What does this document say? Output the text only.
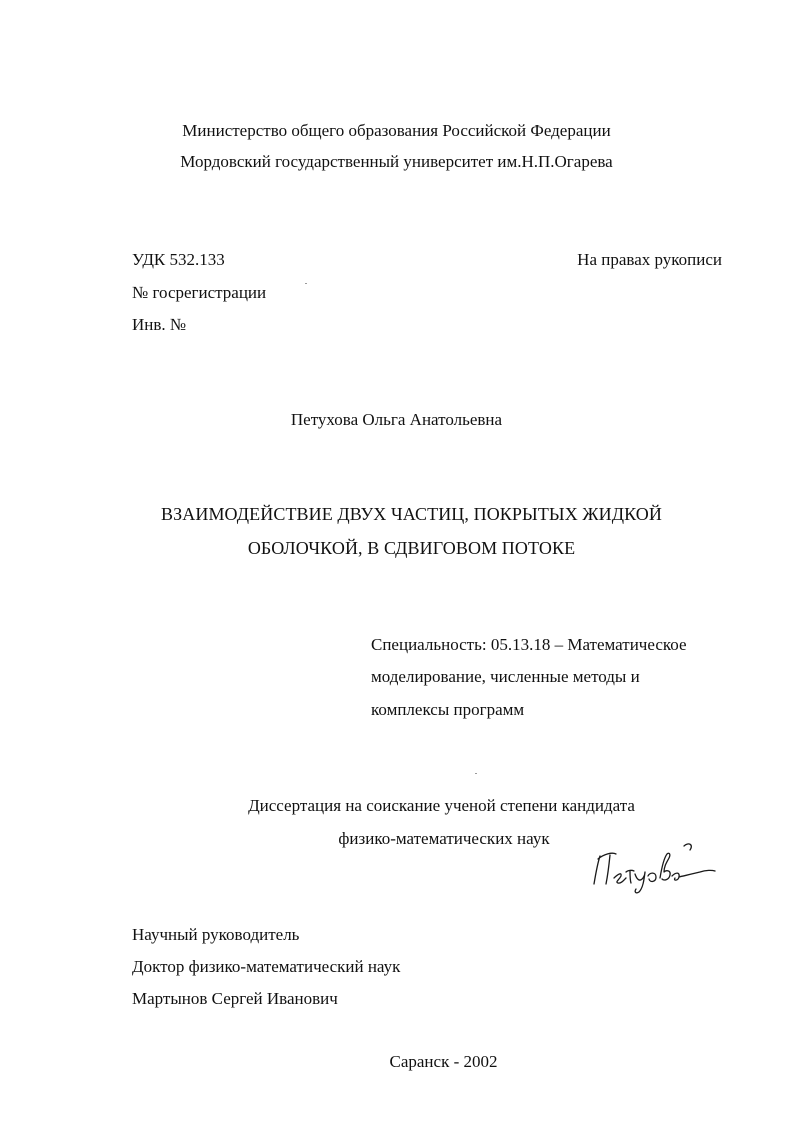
Министерство общего образования Российской Федерации
Мордовский государственный университет им.Н.П.Огарева
УДК 532.133
№ госрегистрации
Инв. №
На правах рукописи
Петухова Ольга Анатольевна
ВЗАИМОДЕЙСТВИЕ ДВУХ ЧАСТИЦ, ПОКРЫТЫХ ЖИДКОЙ
ОБОЛОЧКОЙ, В СДВИГОВОМ ПОТОКЕ
Специальность: 05.13.18 – Математическое
моделирование, численные методы и
комплексы программ
Диссертация на соискание ученой степени кандидата
физико-математических наук
Научный руководитель
Доктор физико-математический наук
Мартынов Сергей Иванович
Саранск - 2002
